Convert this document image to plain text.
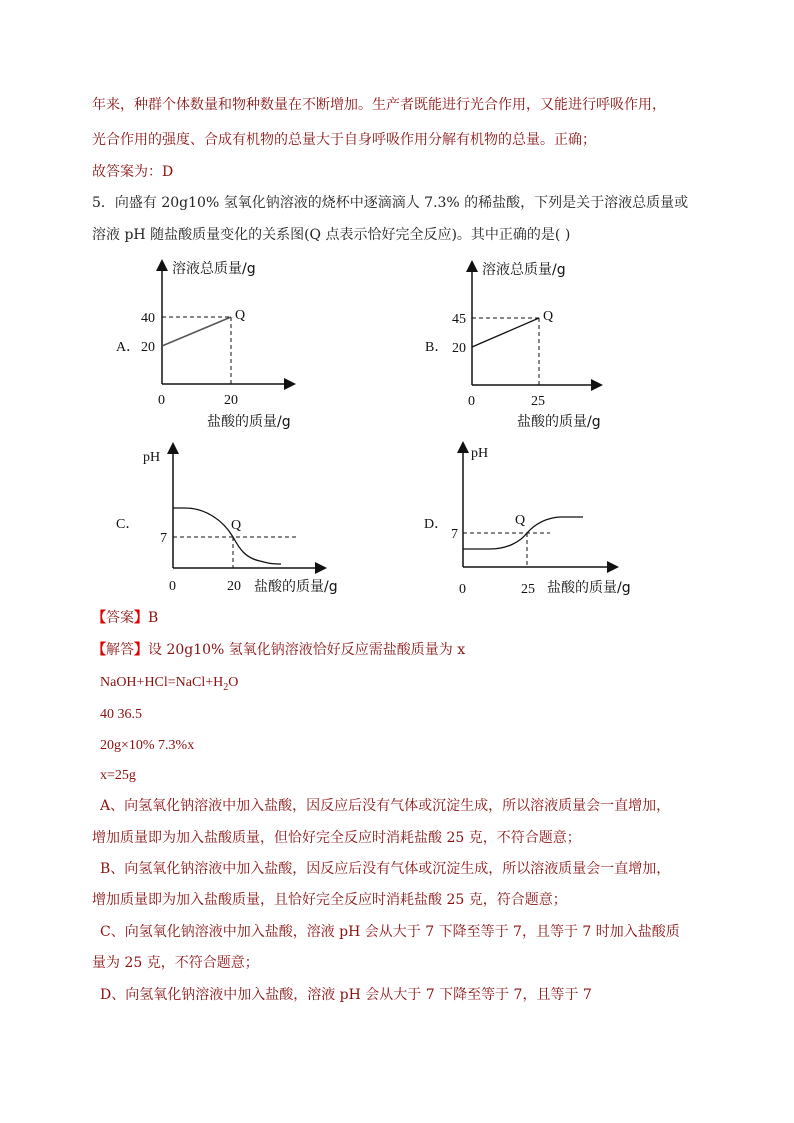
年来，种群个体数量和物种数量在不断增加。生产者既能进行光合作用，又能进行呼吸作用，
光合作用的强度、合成有机物的总量大于自身呼吸作用分解有机物的总量。正确；
故答案为：D
5．向盛有 20g10% 氢氧化钠溶液的烧杯中逐滴滴人 7.3% 的稀盐酸，下列是关于溶液总质量或
溶液 pH 随盐酸质量变化的关系图(Q 点表示恰好完全反应)。其中正确的是( )
A．
溶液总质量/g
40
20
Q
0	20
盐酸的质量/g
B．
溶液总质量/g
45
20
Q
0	25
盐酸的质量/g
C．
pH
7
Q
0	20 盐酸的质量/g
D．
pH
7
Q
0	25 盐酸的质量/g
【答案】B
【解答】设 20g10% 氢氧化钠溶液恰好反应需盐酸质量为 x
$NaOH+HCl=NaCl+H_2O$
40 36.5
20g×10% 7.3%x
x=25g
A、向氢氧化钠溶液中加入盐酸，因反应后没有气体或沉淀生成，所以溶液质量会一直增加，
增加质量即为加入盐酸质量，但恰好完全反应时消耗盐酸 25 克，不符合题意；
B、向氢氧化钠溶液中加入盐酸，因反应后没有气体或沉淀生成，所以溶液质量会一直增加，
增加质量即为加入盐酸质量，且恰好完全反应时消耗盐酸 25 克，符合题意；
C、向氢氧化钠溶液中加入盐酸，溶液 pH 会从大于 7 下降至等于 7，且等于 7 时加入盐酸质
量为 25 克，不符合题意；
D、向氢氧化钠溶液中加入盐酸，溶液 pH 会从大于 7 下降至等于 7，且等于 7
